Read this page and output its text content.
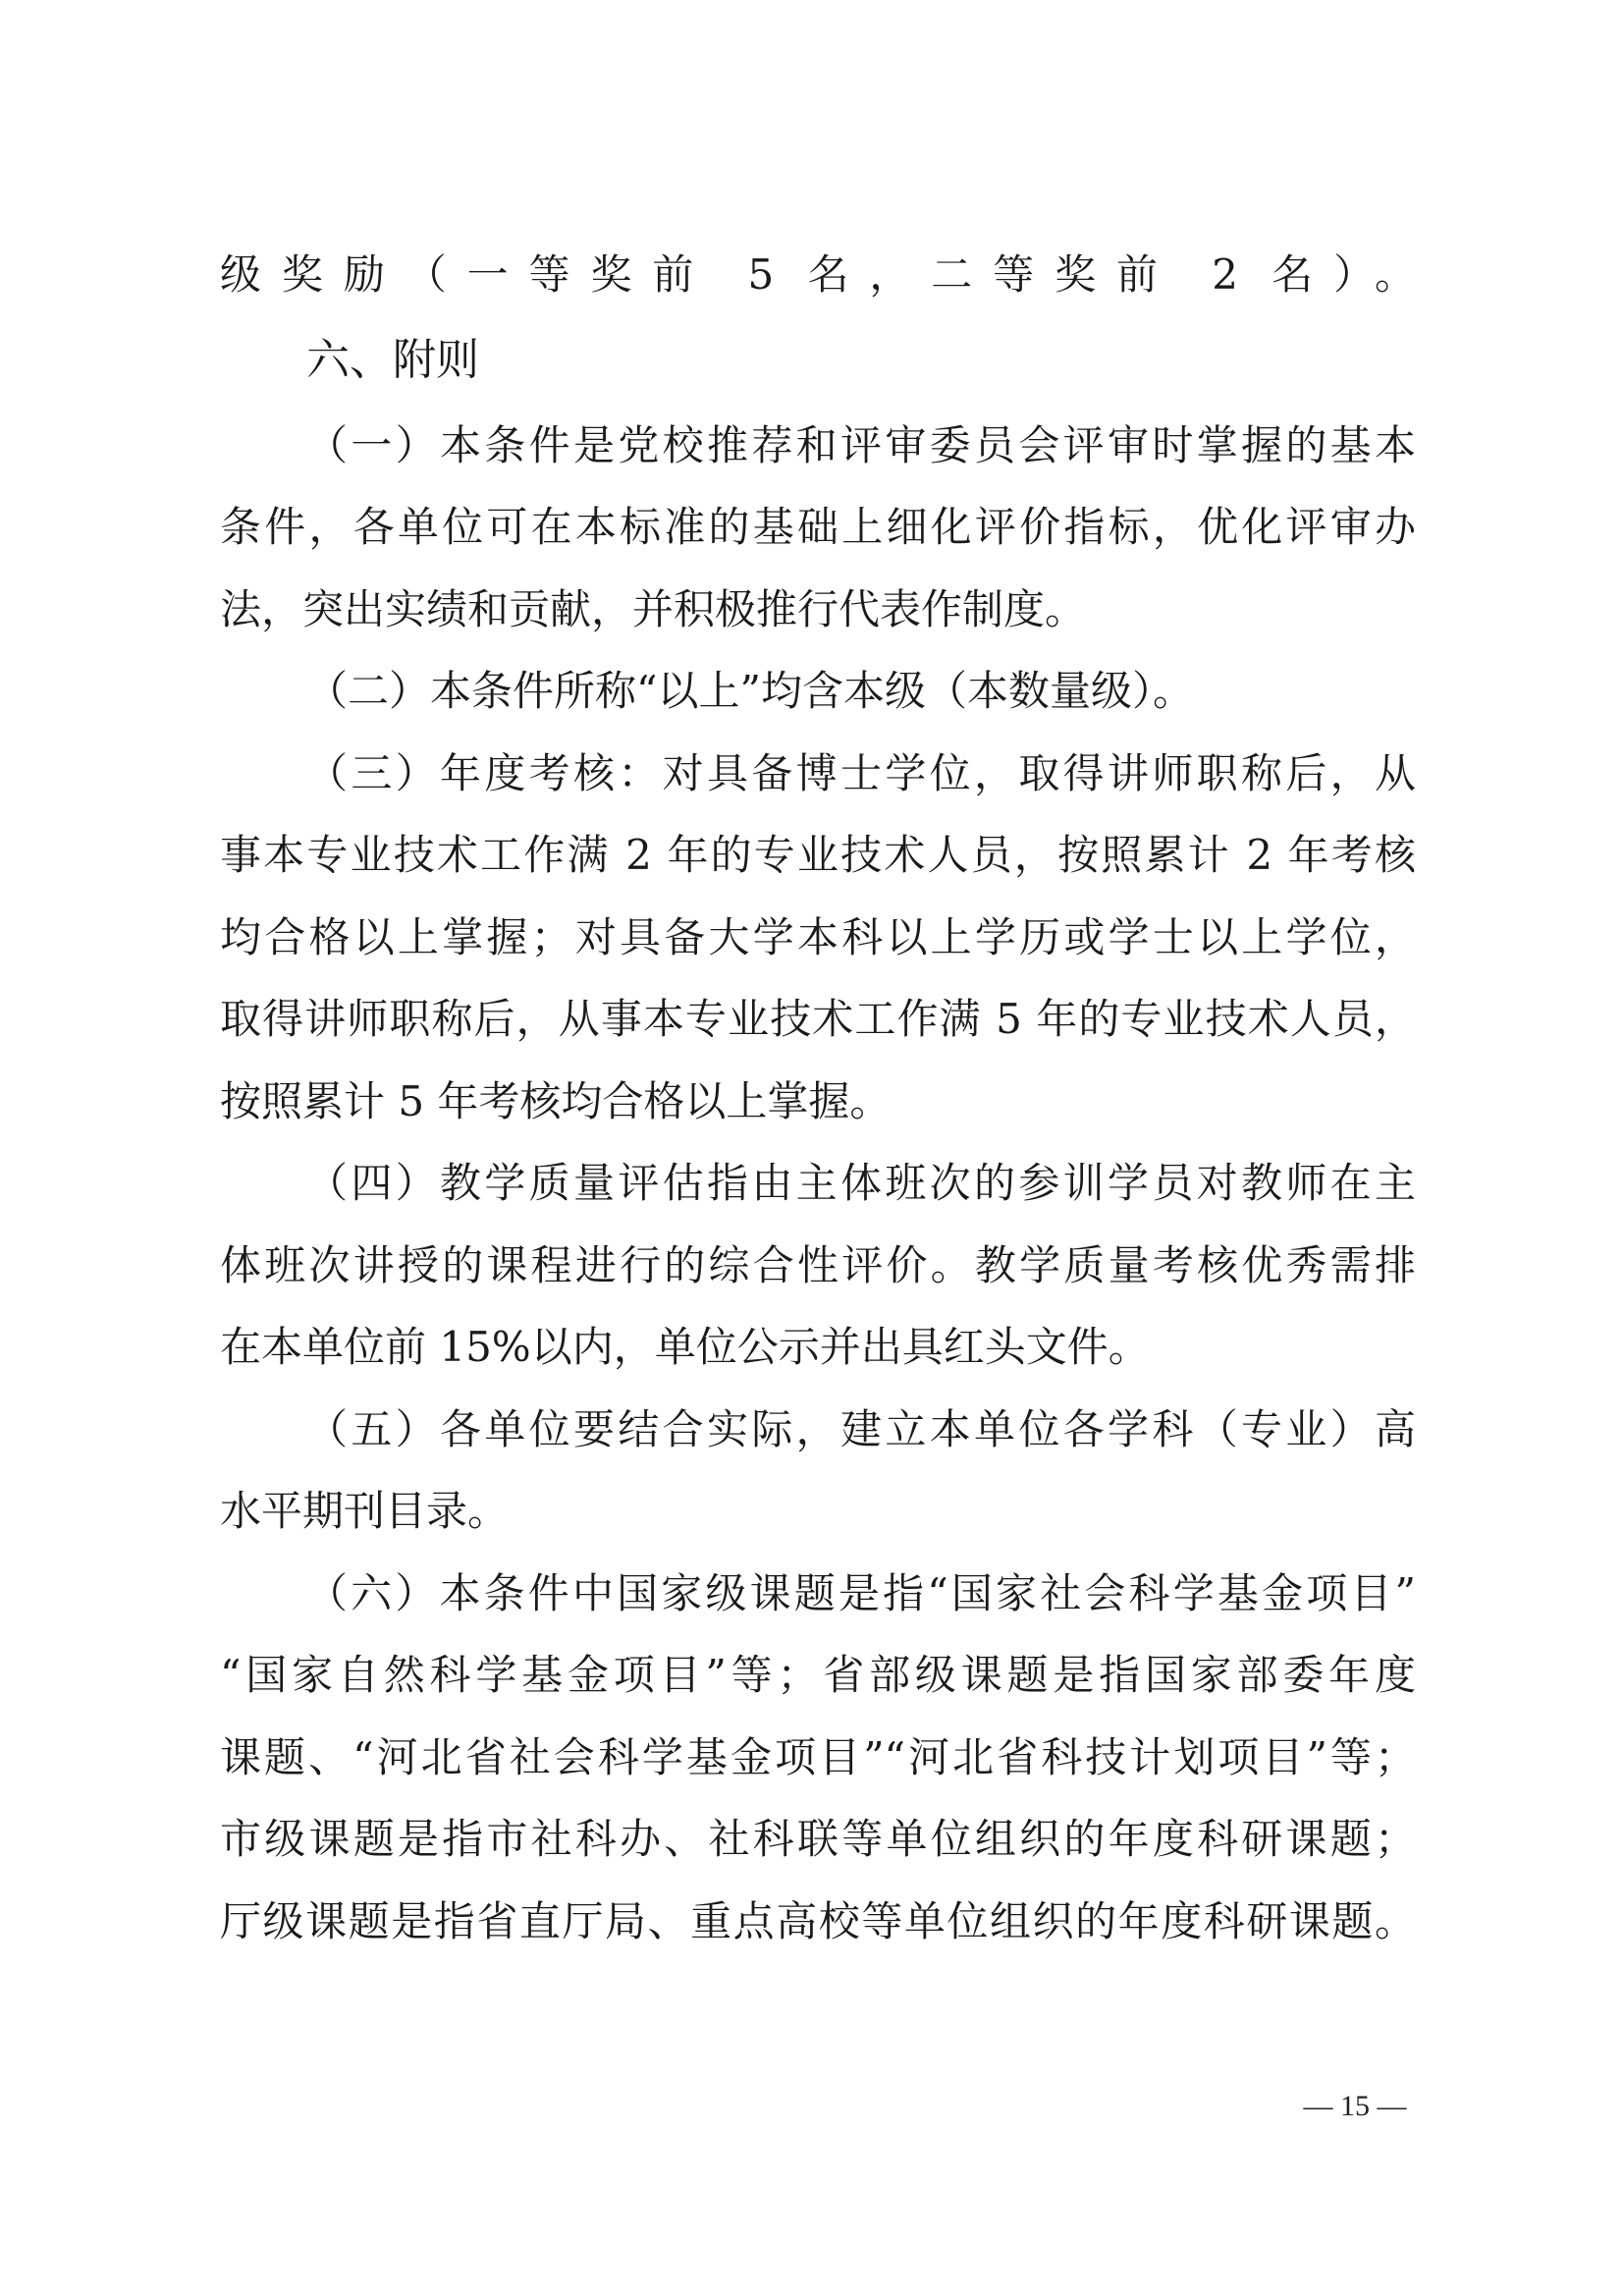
级奖励（一等奖前 5 名，二等奖前 2 名）。
六、附则
（一）本条件是党校推荐和评审委员会评审时掌握的基本
条件，各单位可在本标准的基础上细化评价指标，优化评审办
法，突出实绩和贡献，并积极推行代表作制度。
（二）本条件所称“以上”均含本级（本数量级）。
（三）年度考核：对具备博士学位，取得讲师职称后，从
事本专业技术工作满 2 年的专业技术人员，按照累计 2 年考核
均合格以上掌握；对具备大学本科以上学历或学士以上学位，
取得讲师职称后，从事本专业技术工作满 5 年的专业技术人员，
按照累计 5 年考核均合格以上掌握。
（四）教学质量评估指由主体班次的参训学员对教师在主
体班次讲授的课程进行的综合性评价。教学质量考核优秀需排
在本单位前 15%以内，单位公示并出具红头文件。
（五）各单位要结合实际，建立本单位各学科（专业）高
水平期刊目录。
（六）本条件中国家级课题是指“国家社会科学基金项目”
“国家自然科学基金项目”等；省部级课题是指国家部委年度
课题、“河北省社会科学基金项目”“河北省科技计划项目”等；
市级课题是指市社科办、社科联等单位组织的年度科研课题；
厅级课题是指省直厅局、重点高校等单位组织的年度科研课题。
— 15 —
